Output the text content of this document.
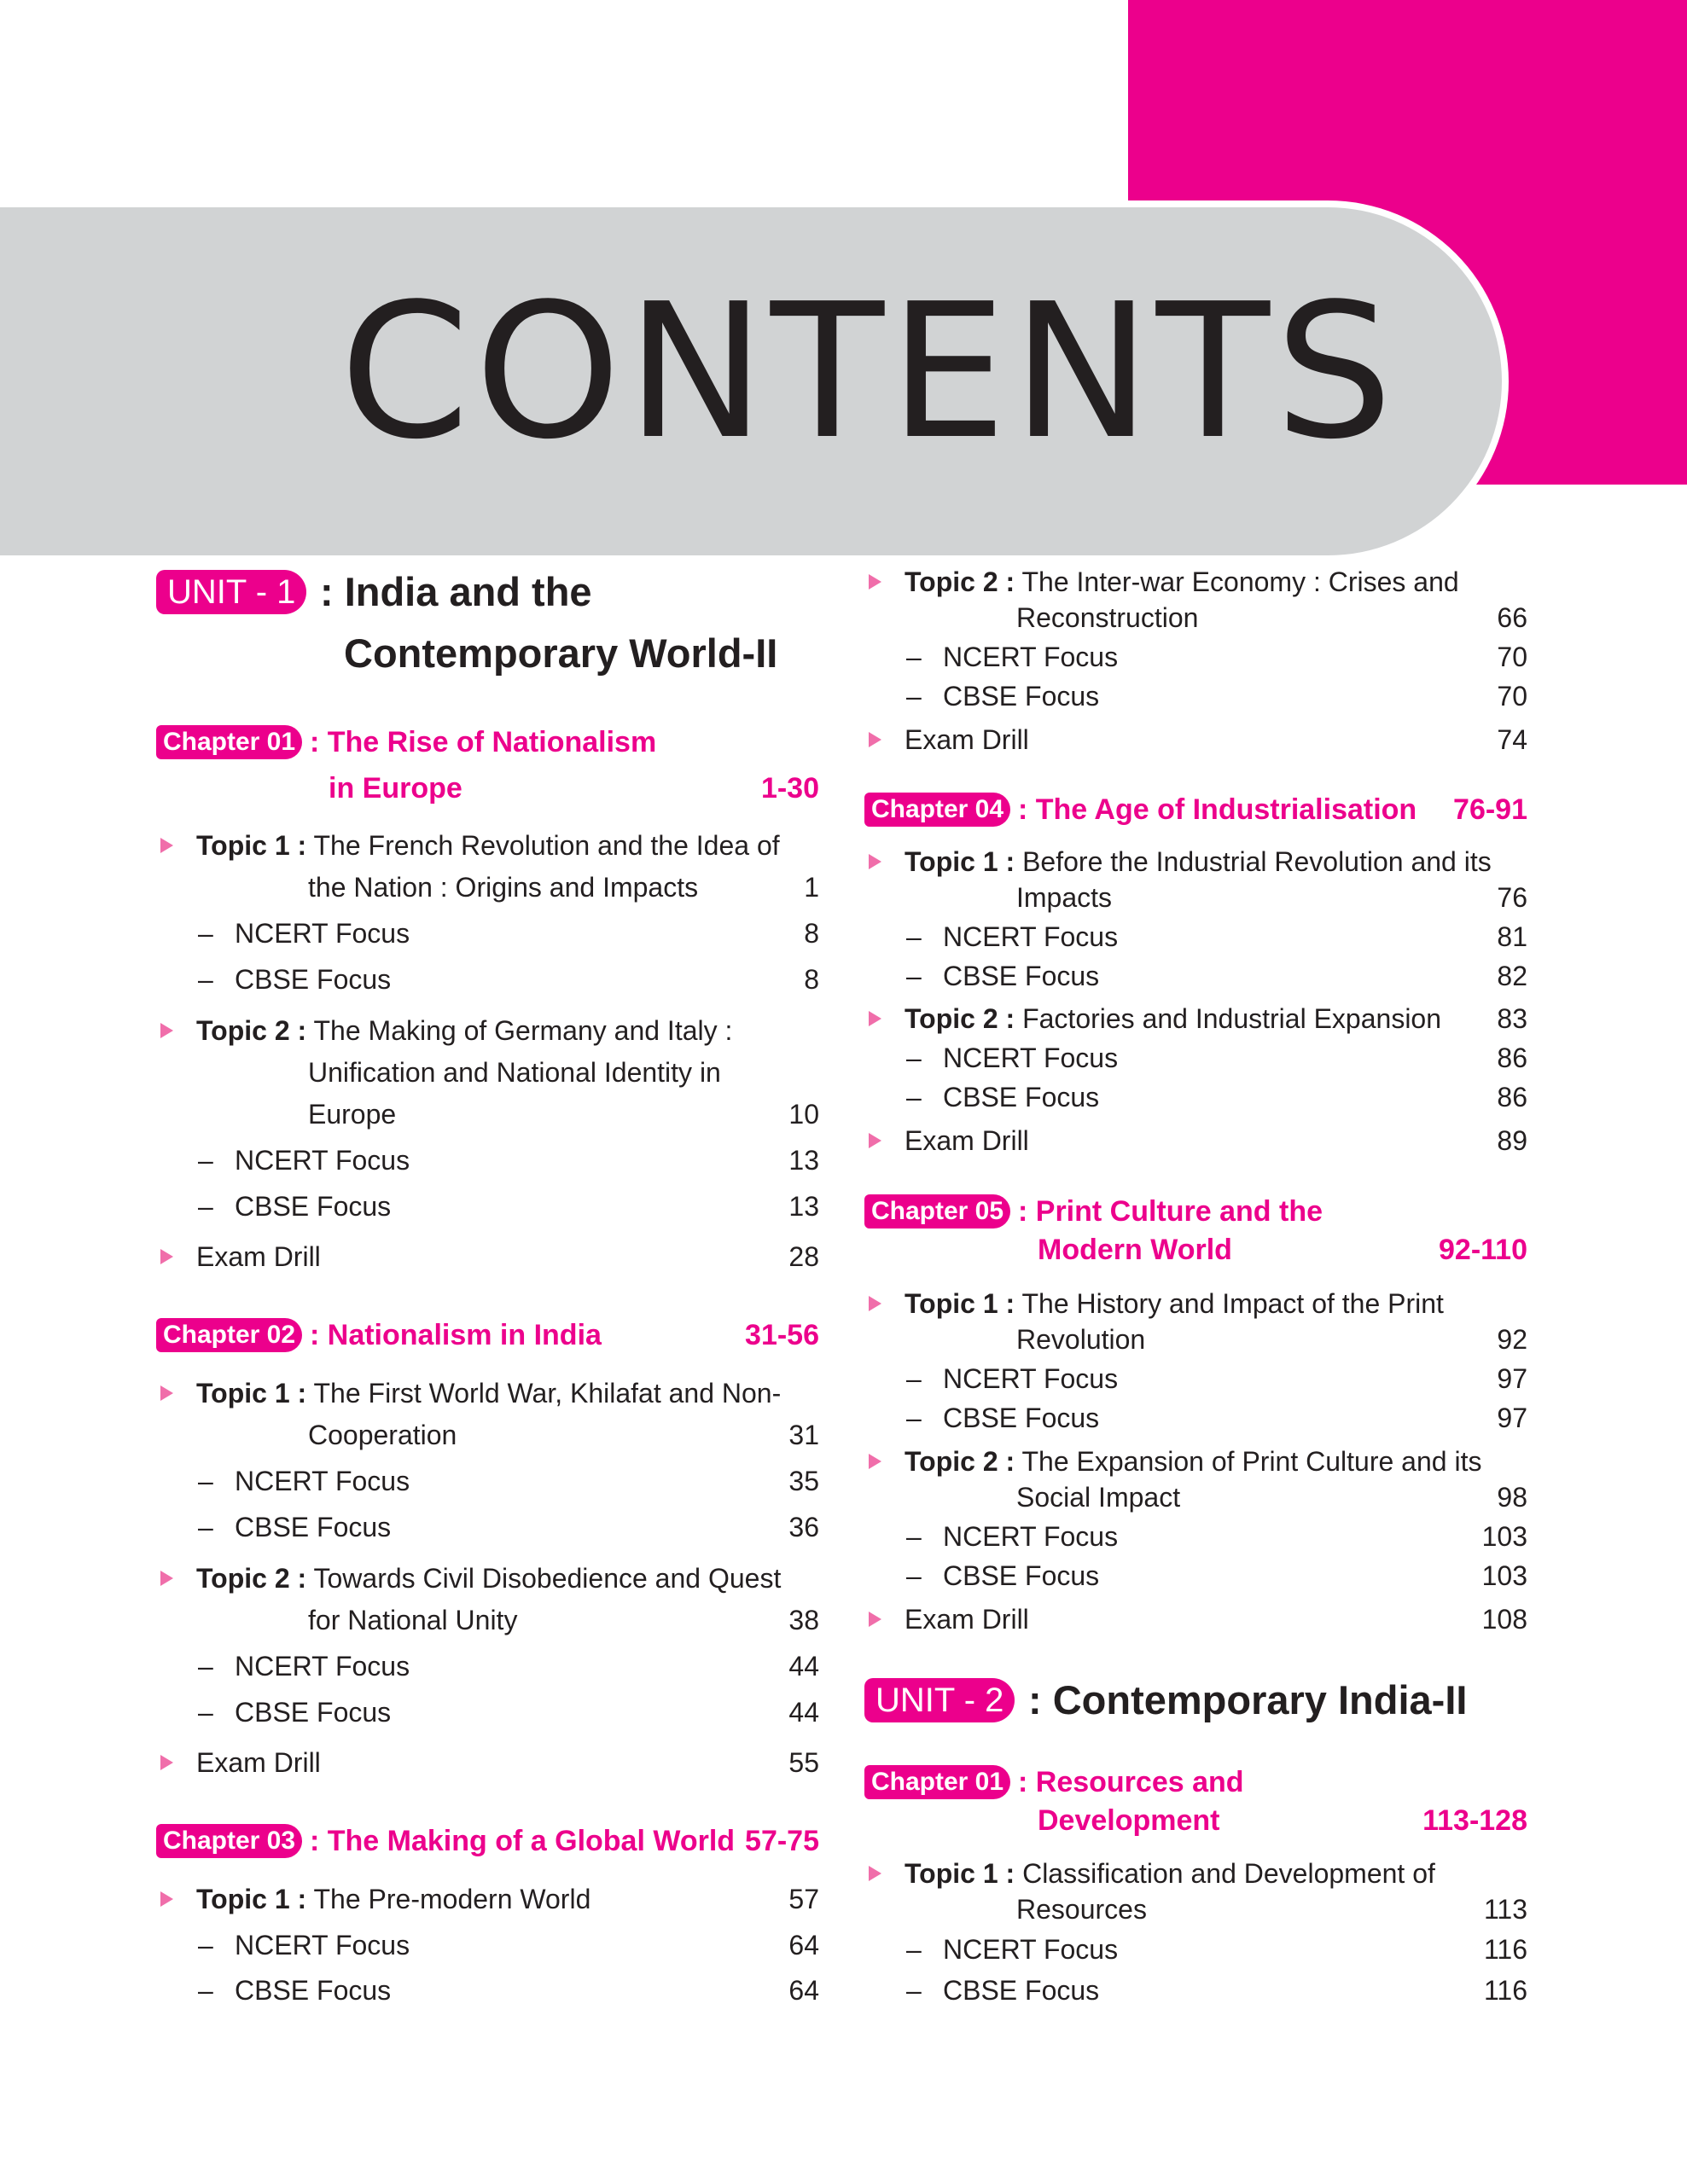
CONTENTS
UNIT - 1 : India and the
Contemporary World-II
Chapter 01 : The Rise of Nationalism
in Europe	1-30
Topic 1 : The French Revolution and the Idea of
the Nation : Origins and Impacts	1
– NCERT Focus	8
– CBSE Focus	8
Topic 2 : The Making of Germany and Italy :
Unification and National Identity in
Europe	10
– NCERT Focus	13
– CBSE Focus	13
Exam Drill	28
Chapter 02 : Nationalism in India	31-56
Topic 1 : The First World War, Khilafat and Non-
Cooperation	31
– NCERT Focus	35
– CBSE Focus	36
Topic 2 : Towards Civil Disobedience and Quest
for National Unity	38
– NCERT Focus	44
– CBSE Focus	44
Exam Drill	55
Chapter 03 : The Making of a Global World 57-75
Topic 1 : The Pre-modern World	57
– NCERT Focus	64
– CBSE Focus	64
Topic 2 : The Inter-war Economy : Crises and
Reconstruction	66
– NCERT Focus	70
– CBSE Focus	70
Exam Drill	74
Chapter 04 : The Age of Industrialisation 76-91
Topic 1 : Before the Industrial Revolution and its
Impacts	76
– NCERT Focus	81
– CBSE Focus	82
Topic 2 : Factories and Industrial Expansion 83
– NCERT Focus	86
– CBSE Focus	86
Exam Drill	89
Chapter 05 : Print Culture and the
Modern World	92-110
Topic 1 : The History and Impact of the Print
Revolution	92
– NCERT Focus	97
– CBSE Focus	97
Topic 2 : The Expansion of Print Culture and its
Social Impact	98
– NCERT Focus	103
– CBSE Focus	103
Exam Drill	108
UNIT - 2 : Contemporary India-II
Chapter 01 : Resources and
Development	113-128
Topic 1 : Classification and Development of
Resources	113
– NCERT Focus	116
– CBSE Focus	116
